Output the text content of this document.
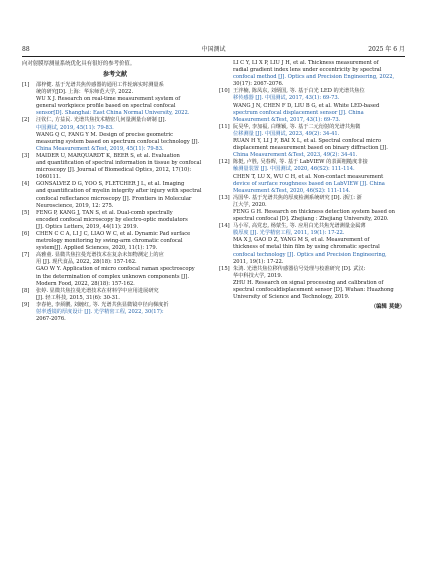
88	中国测试	2025 年 6 月
向对射膜厚测量系统优化具有很好的参考价值。
参考文献
[1]	邵梓健. 基于光谱共焦传感器的通用工件轮廓实时测量系
统的研究[D]. 上海：华东师范大学, 2022.
WU X J. Research on real-time measurement system of
general workpiece profile based on spectral confocal
sensor[D]. Shanghai: East China Normal University, 2022.
[2]	汪钦仁, 方益民. 光谱共焦技术精密几何量测量台研制 [J].
中国测试, 2019, 45(11): 79-83.
WANG Q C, FANG Y M. Design of precise geometric
measuring system based on spectrum confocal technology [J].
China Measurement &Test, 2019, 45(11): 79-83.
[3]	MAIDER U, MARQUARDT K, BEER S, et al. Evaluation
and quantification of spectral information in tissue by confocal
microscopy [J]. Journal of Biomedical Optics, 2012, 17(10):
1060111.
[4]	GONSALVEZ D G, YOO S, FLETCHER J L, et al. Imaging
and quantification of myelin integrity after injury with spectral
confocal reflectance microscopy [J]. Frontiers in Molecular
Neuroscience, 2019, 12: 275.
[5]	FENG P, KANG J, TAN S, et al. Dual-comb spectrally
encoded confocal microscopy by electro-optic modulators
[J]. Optics Letters, 2019, 44(11): 2919.
[6]	CHEN C C A, LI J C, LIAO W C, et al. Dynamic Pad surface
metrology monitoring by swing-arm chromatic confocal
system[J]. Applied Sciences, 2020, 11(1): 179.
[7]	高雅童. 显微共焦拉曼光谱技术在复杂未知物测定上的应
用 [J]. 现代食品, 2022, 28(18): 157-162.
GAO W Y. Application of micro confocal raman spectroscopy
in the determination of complex unknown components [J].
Modern Food, 2022, 28(18): 157-162.
[8]	张婷. 显微共焦拉曼光谱技术在材料学中应用进展研究
[J]. 轻工科技, 2015, 31(6): 30-31.
[9]	李春艳, 李须鹏, 刘缠红, 等. 光谱共焦显微镜中径向梯度折
射率透镜的厚度设计 [J]. 光学精密工程, 2022, 30(17):
2067-2076.
LI C Y, LI X P, LIU J H, et al. Thickness measurement of
radial gradient index lens under eccentricity by spectral
confocal method [J]. Optics and Precision Engineering, 2022,
30(17): 2067-2076.
[10] 王泮楠, 陈凤东, 刘炳国, 等. 基于白光 LED 的光谱共焦位
移传感器 [J]. 中国测试, 2017, 43(1): 69-73.
WANG J N, CHEN F D, LIU B G, et al. White LED-based
spectrum confocal displacement sensor [J]. China
Measurement &Test, 2017, 43(1): 69-73.
[11] 阮昊华, 李加福, 白继颖, 等. 基于二元衍射的光谱共焦微
位移测量 [J]. 中国测试, 2023, 49(2): 34-41.
RUAN H Y, LI J F, BAI X L, et al. Spectral confocal micro
displacement measurement based on binary diffraction [J].
China Measurement &Test, 2023, 49(2): 34-41.
[12] 陈挺, 卢胜, 吴春晖, 等. 基于 LabVIEW 的表面粗糙度非接
触测量装置 [J]. 中国测试, 2020, 46(S2): 111-114.
CHEN T, LU X, WU C H, et al. Non-contact measurement
device of surface roughness based on LabVIEW [J]. China
Measurement &Test, 2020, 46(S2): 111-114.
[13] 冯国华. 基于光谱共焦的厚度检测系统研究 [D]. 浙江: 浙
江大学, 2020.
FENG G H. Research on thickness detection system based on
spectral confocal [D]. Zhejiang : Zhejiang University, 2020.
[14] 马小军, 高党忠, 杨蒙生, 等. 应用白光共焦光谱测量金属薄
膜厚度 [J]. 光学精密工程, 2011, 19(1): 17-22.
MA X J, GAO D Z, YANG M S, et al. Measurement of
thickness of metal thin film by using chromatic spectral
confocal technology [J]. Optics and Precision Engineering,
2011, 19(1): 17-22.
[15] 朱鸿. 光谱共焦位移传感器信号处理与校准研究 [D]. 武汉:
华中科技大学, 2019.
ZHU H. Research on signal processing and calibration of
spectral confocaldisplacement sensor [D]. Wuhan: Huazhong
University of Science and Technology, 2019.
（编辑 莫婕）
